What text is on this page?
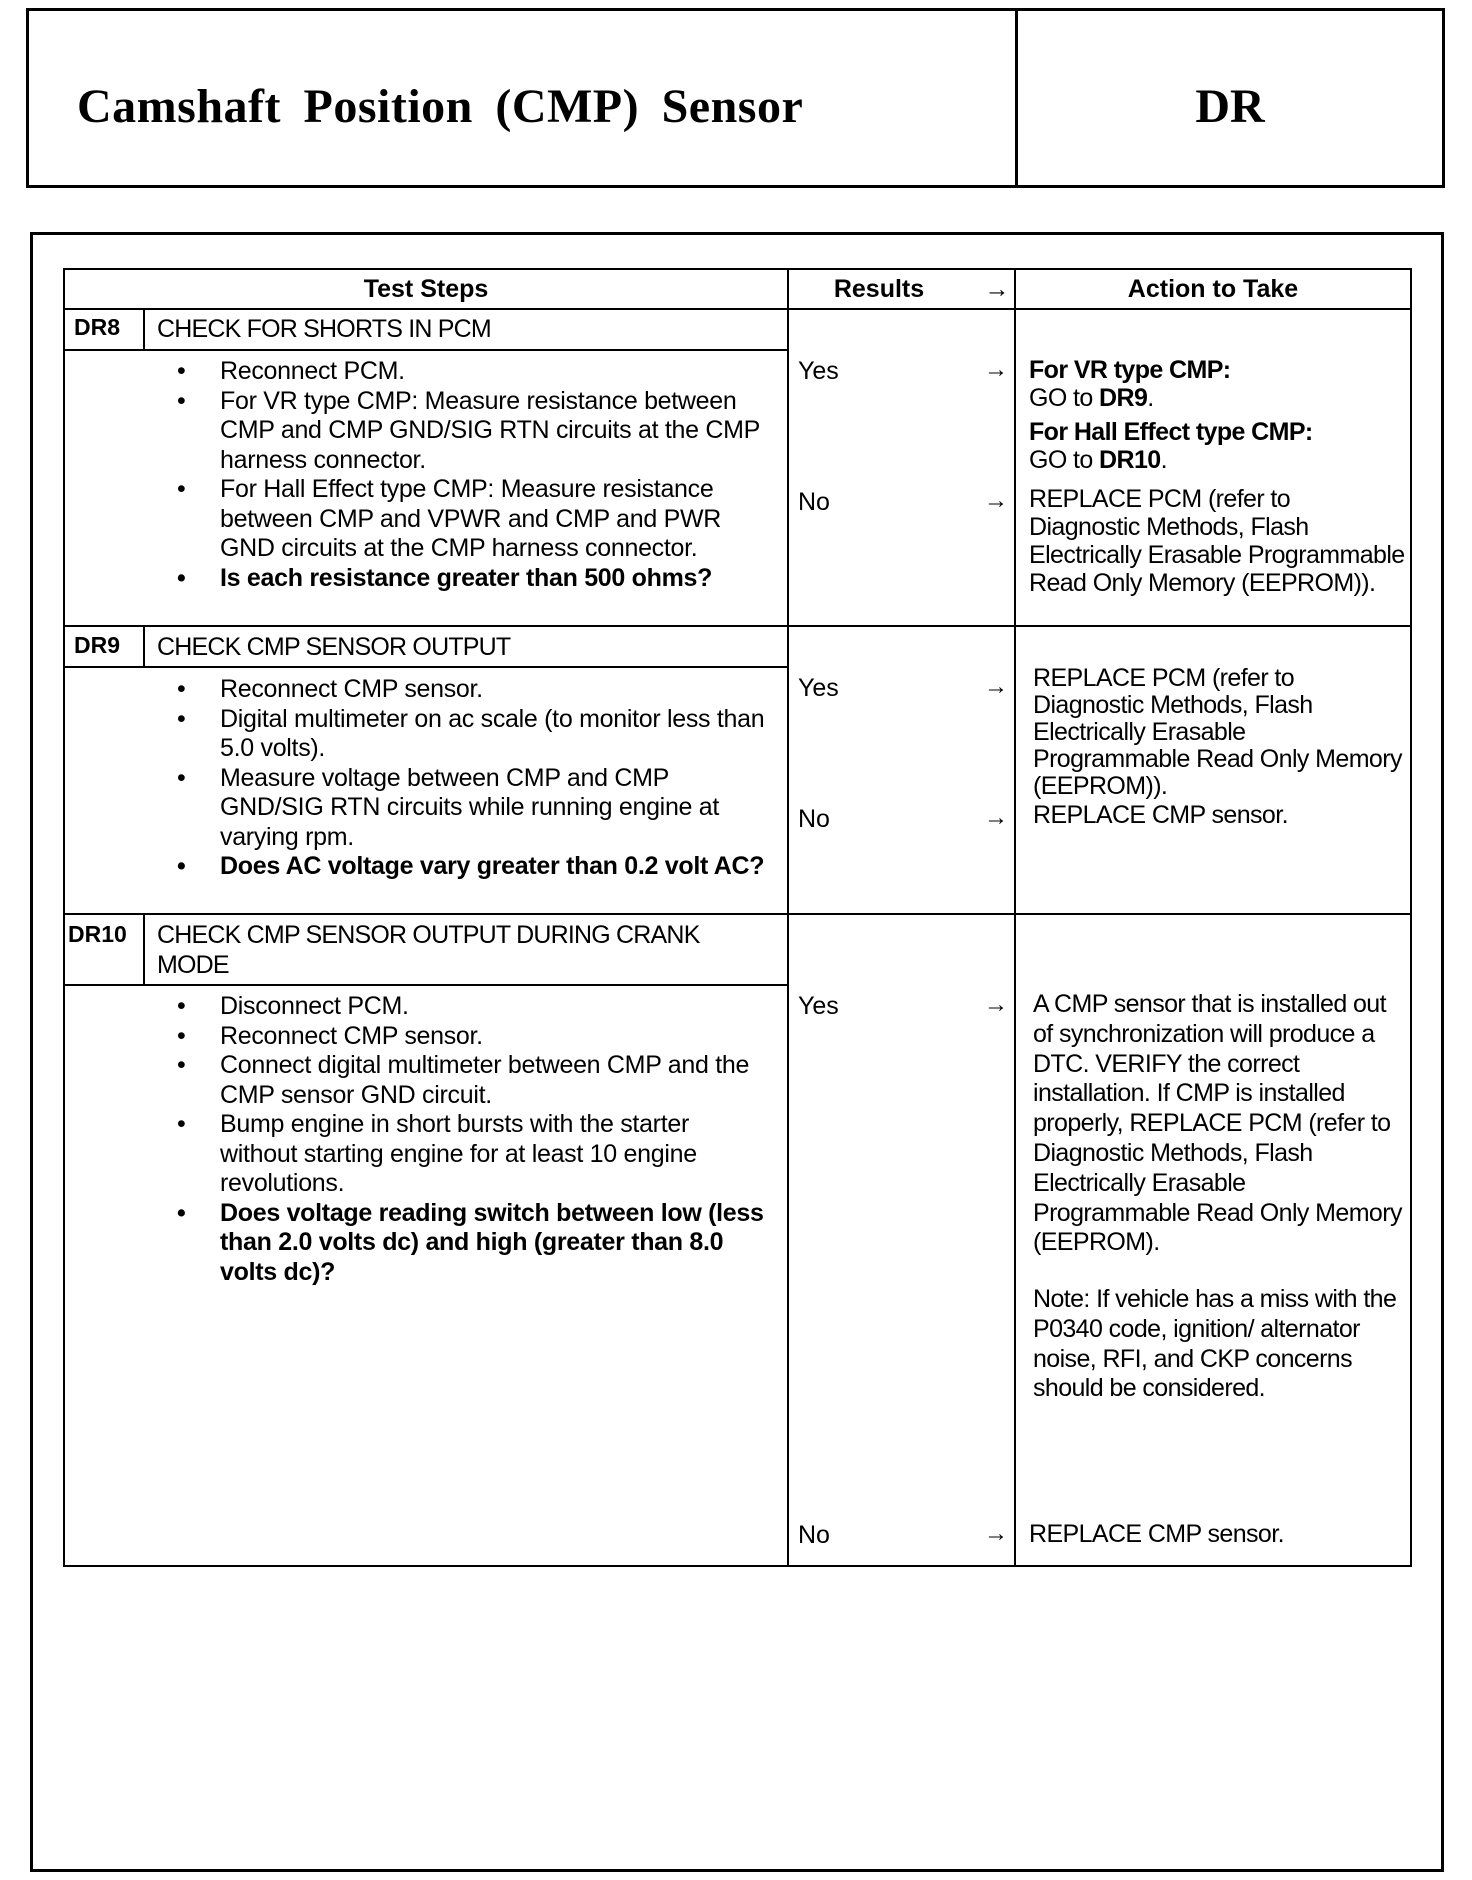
Camshaft Position (CMP) Sensor	DR
Test Steps	Results	→	Action to Take
DR8 CHECK FOR SHORTS IN PCM
• Reconnect PCM.
• For VR type CMP: Measure resistance between CMP and CMP GND/SIG RTN circuits at the CMP harness connector.
• For Hall Effect type CMP: Measure resistance between CMP and VPWR and CMP and PWR GND circuits at the CMP harness connector.
• Is each resistance greater than 500 ohms?
Yes	→ For VR type CMP:

GO to DR9.

For Hall Effect type CMP:

GO to DR10.

No	→ REPLACE PCM (refer to Diagnostic Methods, Flash Electrically Erasable Programmable Read Only Memory (EEPROM)).
DR9 CHECK CMP SENSOR OUTPUT
• Reconnect CMP sensor.
• Digital multimeter on ac scale (to monitor less than 5.0 volts).
• Measure voltage between CMP and CMP GND/SIG RTN circuits while running engine at varying rpm.
• Does AC voltage vary greater than 0.2 volt AC?
Yes	→ REPLACE PCM (refer to Diagnostic Methods, Flash Electrically Erasable Programmable Read Only Memory (EEPROM)).
No	→ REPLACE CMP sensor.
DR10 CHECK CMP SENSOR OUTPUT DURING CRANK MODE
• Disconnect PCM.
• Reconnect CMP sensor.
• Connect digital multimeter between CMP and the CMP sensor GND circuit.
• Bump engine in short bursts with the starter without starting engine for at least 10 engine revolutions.
• Does voltage reading switch between low (less than 2.0 volts dc) and high (greater than 8.0 volts dc)?
Yes	→ A CMP sensor that is installed out of synchronization will produce a DTC. VERIFY the correct installation. If CMP is installed properly, REPLACE PCM (refer to Diagnostic Methods, Flash Electrically Erasable Programmable Read Only Memory (EEPROM).
Note: If vehicle has a miss with the P0340 code, ignition/ alternator noise, RFI, and CKP concerns should be considered.
No	→ REPLACE CMP sensor.
